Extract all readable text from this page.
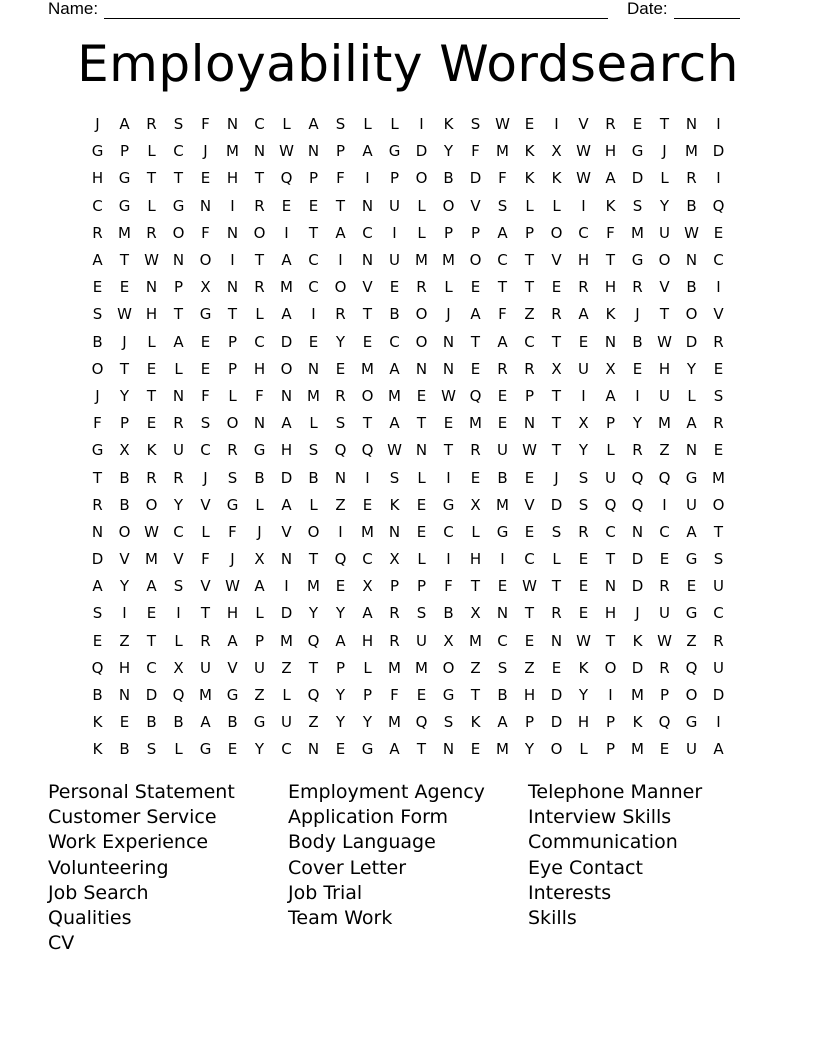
Name:	Date:
Employability Wordsearch
J	A	R	S	F	N	C	L	A	S	L	L	I	K	S W E	I	V	R	E	T	N	I
G	P	L	C	J	M N W N	P	A	G	D	Y	F	M	K	X W H	G	J	M D
H	G	T	T	E	H	T	Q	P	F	I	P	O	B	D	F	K	K W A	D	L	R	I
C	G	L	G	N	I	R	E	E	T	N	U	L	O	V	S	L	L	I	K	S	Y	B	Q
R	M	R	O	F	N	O	I	T	A	C	I	L	P	P	A	P	O	C	F	M	U W E
A	T	W N	O	I	T	A	C	I	N	U	M M O	C	T	V	H	T	G	O	N	C
E	E	N	P	X	N	R	M	C	O	V	E	R	L	E	T	T	E	R	H	R	V	B	I
S W H	T	G	T	L	A	I	R	T	B	O	J	A	F	Z	R	A	K	J	T	O	V
B	J	L	A	E	P	C	D	E	Y	E	C	O	N	T	A	C	T	E	N	B W D	R
O	T	E	L	E	P	H	O	N	E	M	A	N	N	E	R	R	X	U	X	E	H	Y	E
J	Y	T	N	F	L	F	N M	R	O M	E W Q	E	P	T	I	A	I	U	L	S
F	P	E	R	S	O	N	A	L	S	T	A	T	E	M	E	N	T	X	P	Y	M	A	R
G	X	K	U	C	R	G	H	S	Q	Q W N	T	R	U W T	Y	L	R	Z	N	E
T	B	R	R	J	S	B	D	B	N	I	S	L	I	E	B	E	J	S	U	Q	Q	G M
R	B	O	Y	V	G	L	A	L	Z	E	K	E	G	X	M	V	D	S	Q	Q	I	U	O
N	O W C	L	F	J	V	O	I	M N	E	C	L	G	E	S	R	C	N	C	A	T
D	V	M	V	F	J	X	N	T	Q	C	X	L	I	H	I	C	L	E	T	D	E	G	S
A	Y	A	S	V W A	I	M	E	X	P	P	F	T	E W T	E	N	D	R	E	U
S	I	E	I	T	H	L	D	Y	Y	A	R	S	B	X	N	T	R	E	H	J	U	G	C
E	Z	T	L	R	A	P	M Q	A	H	R	U	X	M	C	E	N W T	K W Z	R
Q	H	C	X	U	V	U	Z	T	P	L	M M O	Z	S	Z	E	K	O	D	R	Q	U
B	N	D	Q M G	Z	L	Q	Y	P	F	E	G	T	B	H	D	Y	I	M	P	O	D
K	E	B	B	A	B	G	U	Z	Y	Y	M Q	S	K	A	P	D	H	P	K	Q	G	I
K	B	S	L	G	E	Y	C	N	E	G	A	T	N	E	M	Y	O	L	P	M	E	U	A
Personal Statement
Customer Service
Work Experience
Volunteering
Job Search
Qualities
CV
Employment Agency
Application Form
Body Language
Cover Letter
Job Trial
Team Work
Telephone Manner
Interview Skills
Communication
Eye Contact
Interests
Skills
